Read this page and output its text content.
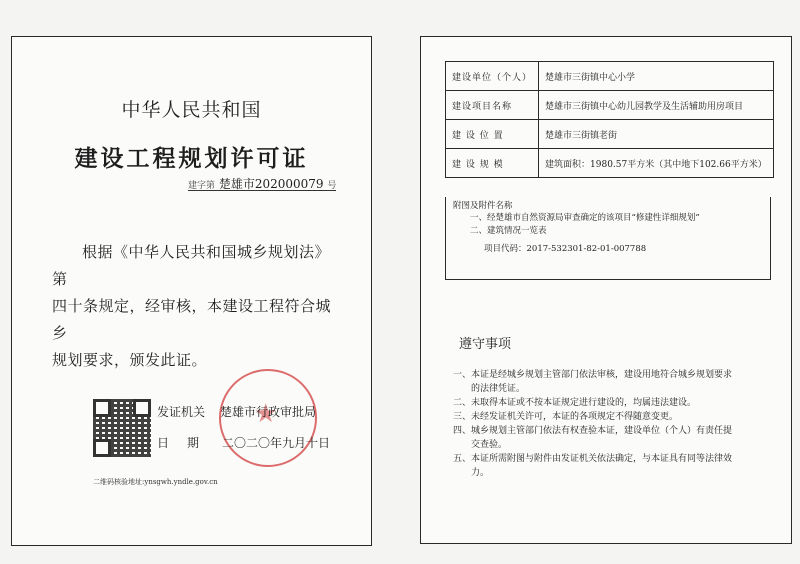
中华人民共和国
建设工程规划许可证
建字第 楚雄市202000079 号
根据《中华人民共和国城乡规划法》第
四十条规定，经审核，本建设工程符合城乡
规划要求，颁发此证。
★
发证机关 楚雄市行政审批局
日期 二〇二〇年九月十日
二维码核验地址:ynsgwh.yndle.gov.cn
建设单位（个人）	楚雄市三街镇中心小学
建设项目名称	楚雄市三街镇中心幼儿园教学及生活辅助用房项目
建 设 位 置	楚雄市三街镇老街
建 设 规 模	建筑面积：1980.57平方米（其中地下102.66平方米）
附图及附件名称
一、经楚雄市自然资源局审查确定的该项目“修建性详细规划”
二、建筑情况一览表
项目代码：2017-532301-82-01-007788
遵守事项
一、本证是经城乡规划主管部门依法审核，建设用地符合城乡规划要求
的法律凭证。
二、未取得本证或不按本证规定进行建设的，均属违法建设。
三、未经发证机关许可，本证的各项规定不得随意变更。
四、城乡规划主管部门依法有权查验本证，建设单位（个人）有责任提
交查验。
五、本证所需附图与附件由发证机关依法确定，与本证具有同等法律效
力。
